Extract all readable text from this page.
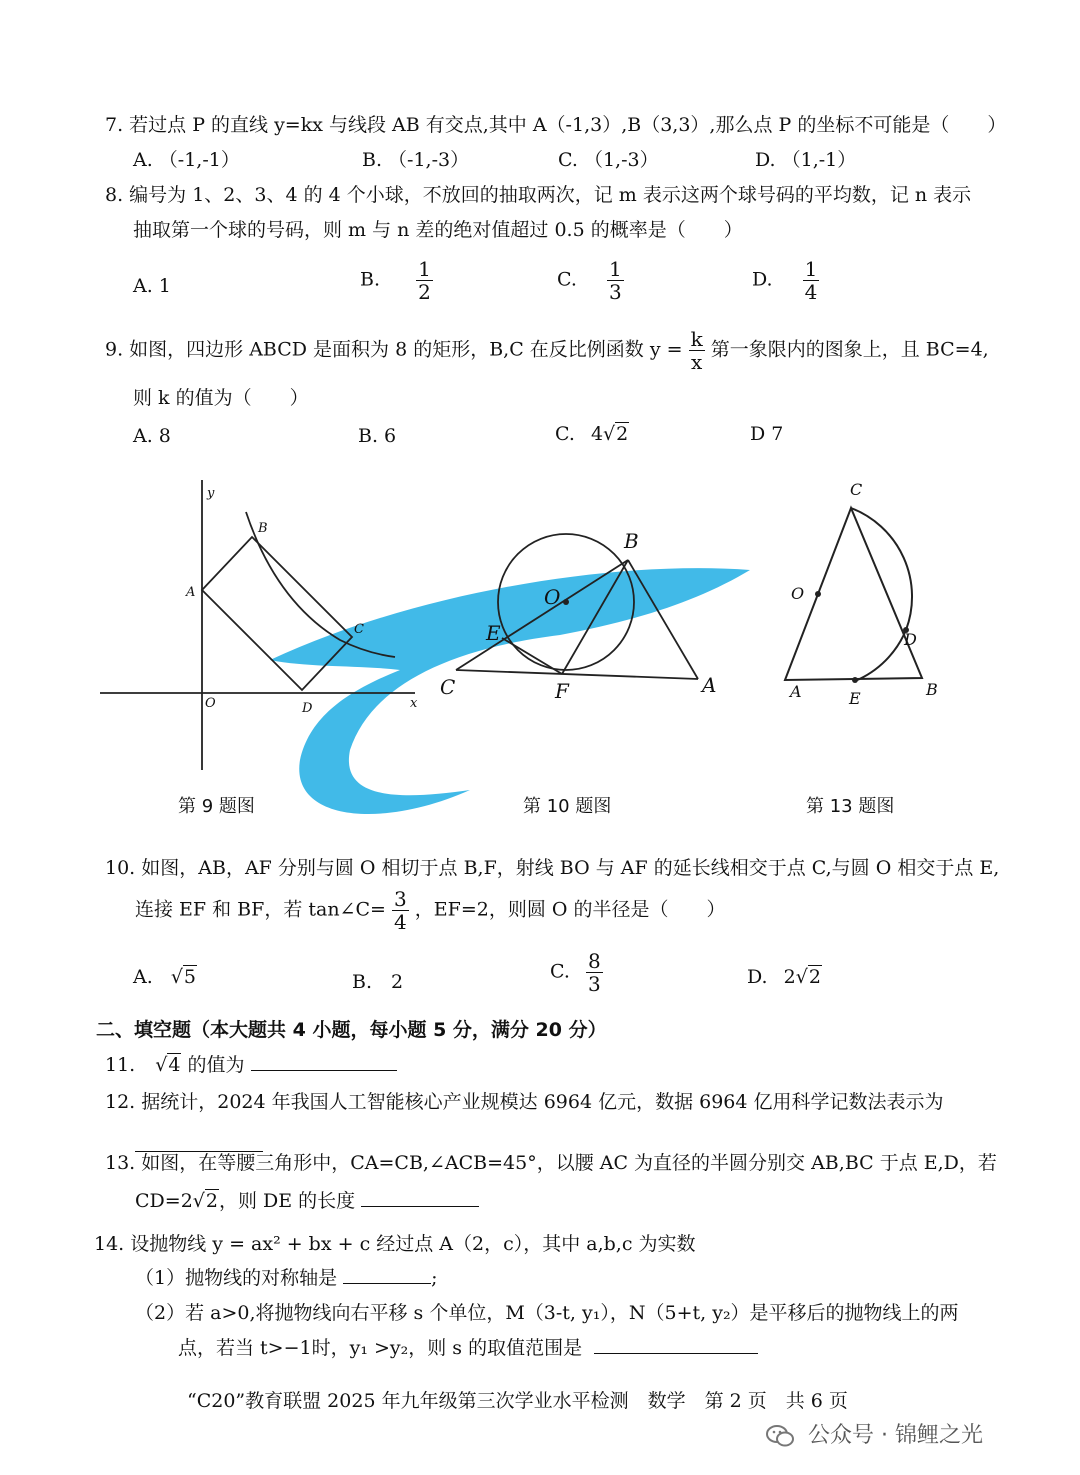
7. 若过点 P 的直线 y=kx 与线段 AB 有交点,其中 A（-1,3）,B（3,3）,那么点 P 的坐标不可能是（　　）
A. （-1,-1）	B. （-1,-3）	C. （1,-3）	D. （1,-1）
8. 编号为 1、2、3、4 的 4 个小球，不放回的抽取两次，记 m 表示这两个球号码的平均数，记 n 表示
抽取第一个球的号码，则 m 与 n 差的绝对值超过 0.5 的概率是（　　）
A. 1	B. $\frac{1}{2}$	C. $\frac{1}{3}$	D. $\frac{1}{4}$
9. 如图，四边形 ABCD 是面积为 8 的矩形，B,C 在反比例函数 $y = \frac{k}{x}$ 第一象限内的图象上，且 BC=4,
则 k 的值为（　　）
A. 8	B. 6	C. 4√2	D 7
y
B
A
C
O	D	x
B
O
E
C	F	A
C
O
D
A	E	B
第 9 题图	第 10 题图	第 13 题图
10. 如图，AB，AF 分别与圆 O 相切于点 B,F，射线 BO 与 AF 的延长线相交于点 C,与圆 O 相交于点 E,
连接 EF 和 BF，若 tan∠C= $\frac{3}{4}$ ，EF=2，则圆 O 的半径是（　　）
A. √5	B.　2	C. $\frac{8}{3}$	D. 2√2
二、填空题（本大题共 4 小题，每小题 5 分，满分 20 分）
11. √4 的值为
12. 据统计，2024 年我国人工智能核心产业规模达 6964 亿元，数据 6964 亿用科学记数法表示为
13. 如图，在等腰三角形中，CA=CB,∠ACB=45°，以腰 AC 为直径的半圆分别交 AB,BC 于点 E,D，若
CD=2√2，则 DE 的长度
14. 设抛物线 y = ax² + bx + c 经过点 A（2，c），其中 a,b,c 为实数
（1）抛物线的对称轴是	;
（2）若 a>0,将抛物线向右平移 s 个单位，M（3-t, y₁），N（5+t, y₂）是平移后的抛物线上的两
点，若当 t>−1时，y₁ >y₂，则 s 的取值范围是
“C20”教育联盟 2025 年九年级第三次学业水平检测　数学　第 2 页　共 6 页
公众号 · 锦鲤之光
